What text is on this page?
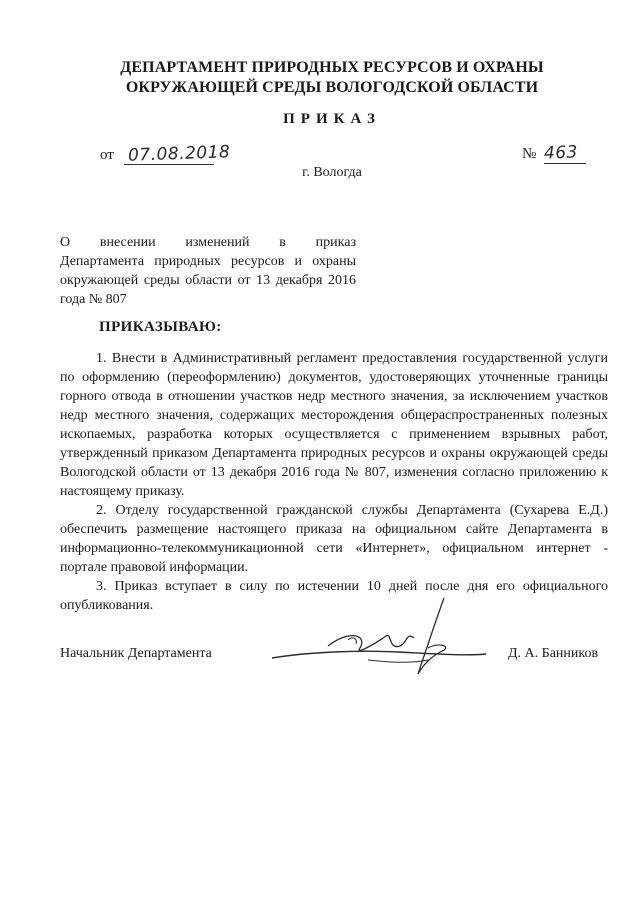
ДЕПАРТАМЕНТ ПРИРОДНЫХ РЕСУРСОВ И ОХРАНЫ
ОКРУЖАЮЩЕЙ СРЕДЫ ВОЛОГОДСКОЙ ОБЛАСТИ
ПРИКАЗ
от 07.08.2018	№ 463
г. Вологда
О внесении изменений в приказ
Департамента природных ресурсов и охраны окружающей среды области от 13 декабря 2016 года № 807
ПРИКАЗЫВАЮ:

1. Внести в Административный регламент предоставления государственной услуги по оформлению (переоформлению) документов, удостоверяющих уточненные границы горного отвода в отношении участков недр местного значения, за исключением участков недр местного значения, содержащих месторождения общераспространенных полезных ископаемых, разработка которых осуществляется с применением взрывных работ, утвержденный приказом Департамента природных ресурсов и охраны окружающей среды Вологодской области от 13 декабря 2016 года № 807, изменения согласно приложению к настоящему приказу.

2. Отделу государственной гражданской службы Департамента (Сухарева Е.Д.) обеспечить размещение настоящего приказа на официальном сайте Департамента в информационно-телекоммуникационной сети «Интернет», официальном интернет - портале правовой информации.

3. Приказ вступает в силу по истечении 10 дней после дня его официального опубликования.

Начальник Департамента	Д. А. Банников
